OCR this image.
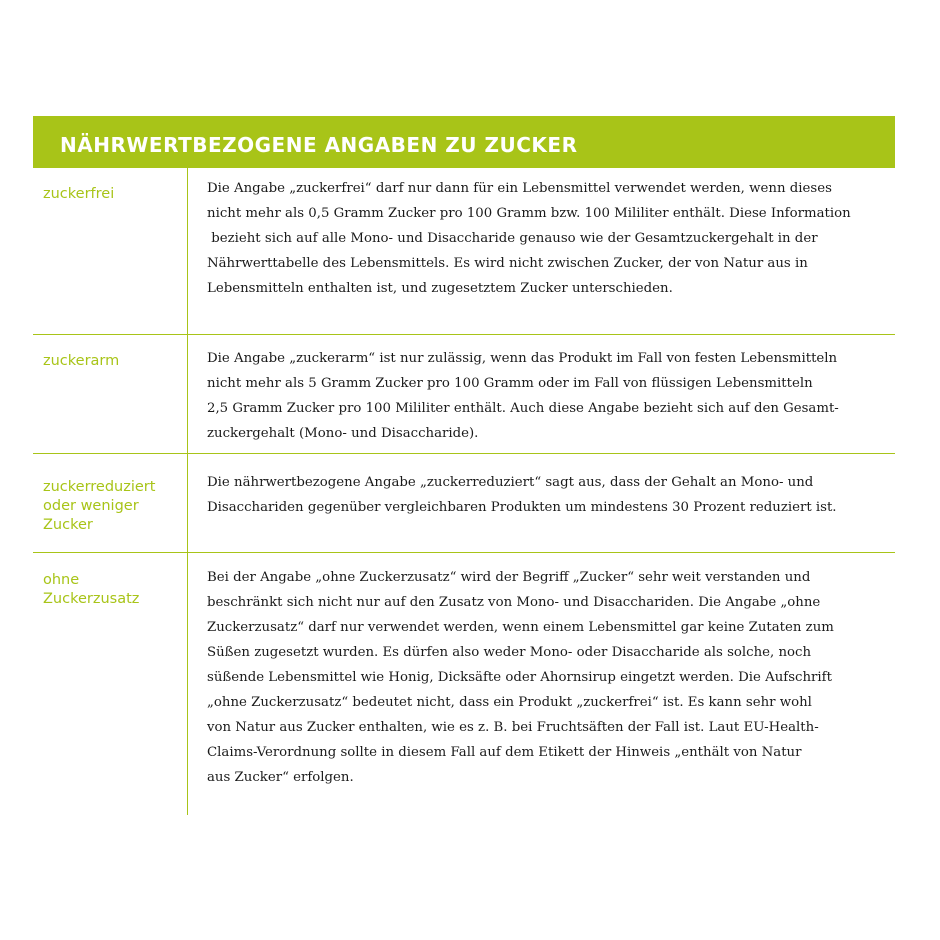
NÄHRWERTBEZOGENE ANGABEN ZU ZUCKER
zuckerfrei	Die Angabe „zuckerfrei“ darf nur dann für ein Lebensmittel verwendet werden, wenn dieses
nicht mehr als 0,5 Gramm Zucker pro 100 Gramm bzw. 100 Mililiter enthält. Diese Information
bezieht sich auf alle Mono- und Disaccharide genauso wie der Gesamtzuckergehalt in der
Nährwerttabelle des Lebensmittels. Es wird nicht zwischen Zucker, der von Natur aus in
Lebensmitteln enthalten ist, und zugesetztem Zucker unterschieden.
zuckerarm	Die Angabe „zuckerarm“ ist nur zulässig, wenn das Produkt im Fall von festen Lebensmitteln
nicht mehr als 5 Gramm Zucker pro 100 Gramm oder im Fall von flüssigen Lebensmitteln
2,5 Gramm Zucker pro 100 Mililiter enthält. Auch diese Angabe bezieht sich auf den Gesamt-
zuckergehalt (Mono- und Disaccharide).
zuckerreduziert
oder weniger
Zucker
Die nährwertbezogene Angabe „zuckerreduziert“ sagt aus, dass der Gehalt an Mono- und
Disacchariden gegenüber vergleichbaren Produkten um mindestens 30 Prozent reduziert ist.
ohne
Zuckerzusatz
Bei der Angabe „ohne Zuckerzusatz“ wird der Begriff „Zucker“ sehr weit verstanden und
beschränkt sich nicht nur auf den Zusatz von Mono- und Disacchariden. Die Angabe „ohne
Zuckerzusatz“ darf nur verwendet werden, wenn einem Lebensmittel gar keine Zutaten zum
Süßen zugesetzt wurden. Es dürfen also weder Mono- oder Disaccharide als solche, noch
süßende Lebensmittel wie Honig, Dicksäfte oder Ahornsirup eingetzt werden. Die Aufschrift
„ohne Zuckerzusatz“ bedeutet nicht, dass ein Produkt „zuckerfrei“ ist. Es kann sehr wohl
von Natur aus Zucker enthalten, wie es z. B. bei Fruchtsäften der Fall ist. Laut EU-Health-
Claims-Verordnung sollte in diesem Fall auf dem Etikett der Hinweis „enthält von Natur
aus Zucker“ erfolgen.
